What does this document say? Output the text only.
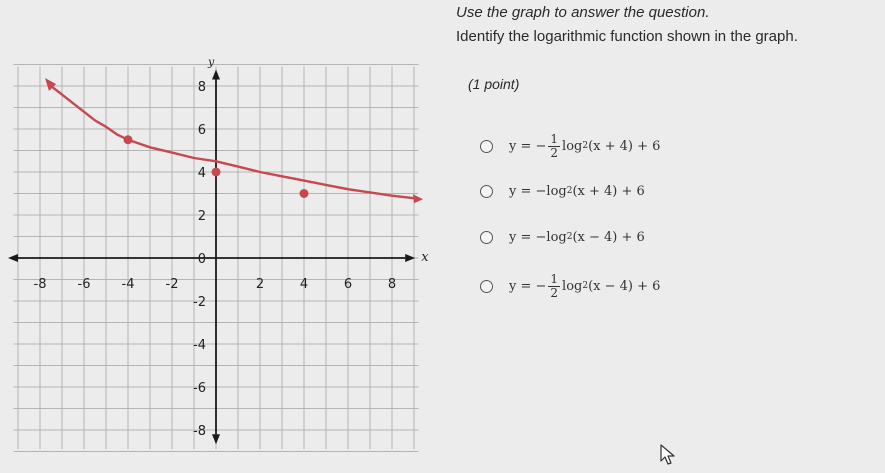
x
y
-8 -6 -4 -2	2	4	6	8
-8
-6
-4
-2
0
2
4
6
8
Use the graph to answer the question.
Identify the logarithmic function shown in the graph.
(1 point)
y = − $\frac{1}{2}$ log 2 (x + 4) + 6
y = − log 2 (x + 4) + 6
y = − log 2 (x − 4) + 6
y = − $\frac{1}{2}$ log 2 (x − 4) + 6
